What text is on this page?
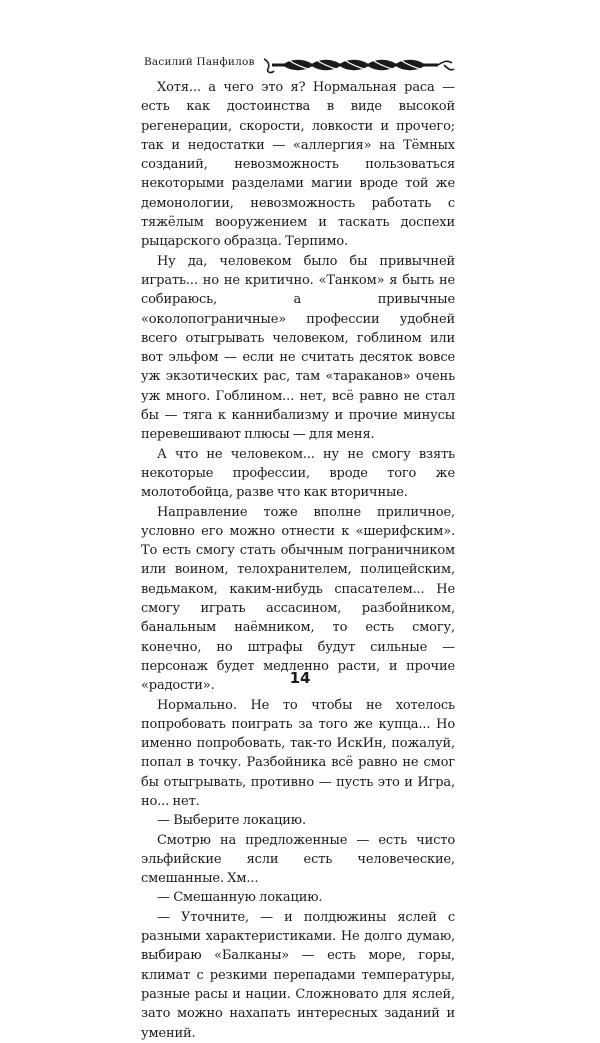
Василий Панфилов

Хотя... а чего это я? Нормальная раса — есть как достоинства в виде высокой регенерации, скорости, ловкости и прочего; так и недостатки — «аллергия» на Тёмных созданий, невозможность пользоваться некоторыми разделами магии вроде той же демонологии, невозможность работать с тяжёлым вооружением и таскать доспехи рыцарского образца. Терпимо.

Ну да, человеком было бы привычней играть... но не критично. «Танком» я быть не собираюсь, а привычные «околопограничные» профессии удобней всего отыгрывать человеком, гоблином или вот эльфом — если не считать десяток вовсе уж экзотических рас, там «тараканов» очень уж много. Гоблином... нет, всё равно не стал бы — тяга к каннибализму и прочие минусы перевешивают плюсы — для меня.

А что не человеком... ну не смогу взять некоторые профессии, вроде того же молотобойца, разве что как вторичные.

Направление тоже вполне приличное, условно его можно отнести к «шерифским». То есть смогу стать обычным пограничником или воином, телохранителем, полицейским, ведьмаком, каким-нибудь спасателем... Не смогу играть ассасином, разбойником, банальным наёмником, то есть смогу, конечно, но штрафы будут сильные — персонаж будет медленно расти, и прочие «радости».

Нормально. Не то чтобы не хотелось попробовать поиграть за того же купца... Но именно попробовать, так-то ИскИн, пожалуй, попал в точку. Разбойника всё равно не смог бы отыгрывать, противно — пусть это и Игра, но... нет.

— Выберите локацию.

Смотрю на предложенные — есть чисто эльфийские ясли есть человеческие, смешанные. Хм...

— Смешанную локацию.

— Уточните, — и полдюжины яслей с разными характеристиками. Не долго думаю, выбираю «Балканы» — есть море, горы, климат с резкими перепадами температуры, разные расы и нации. Сложновато для яслей, зато можно нахапать интересных заданий и умений.

14
